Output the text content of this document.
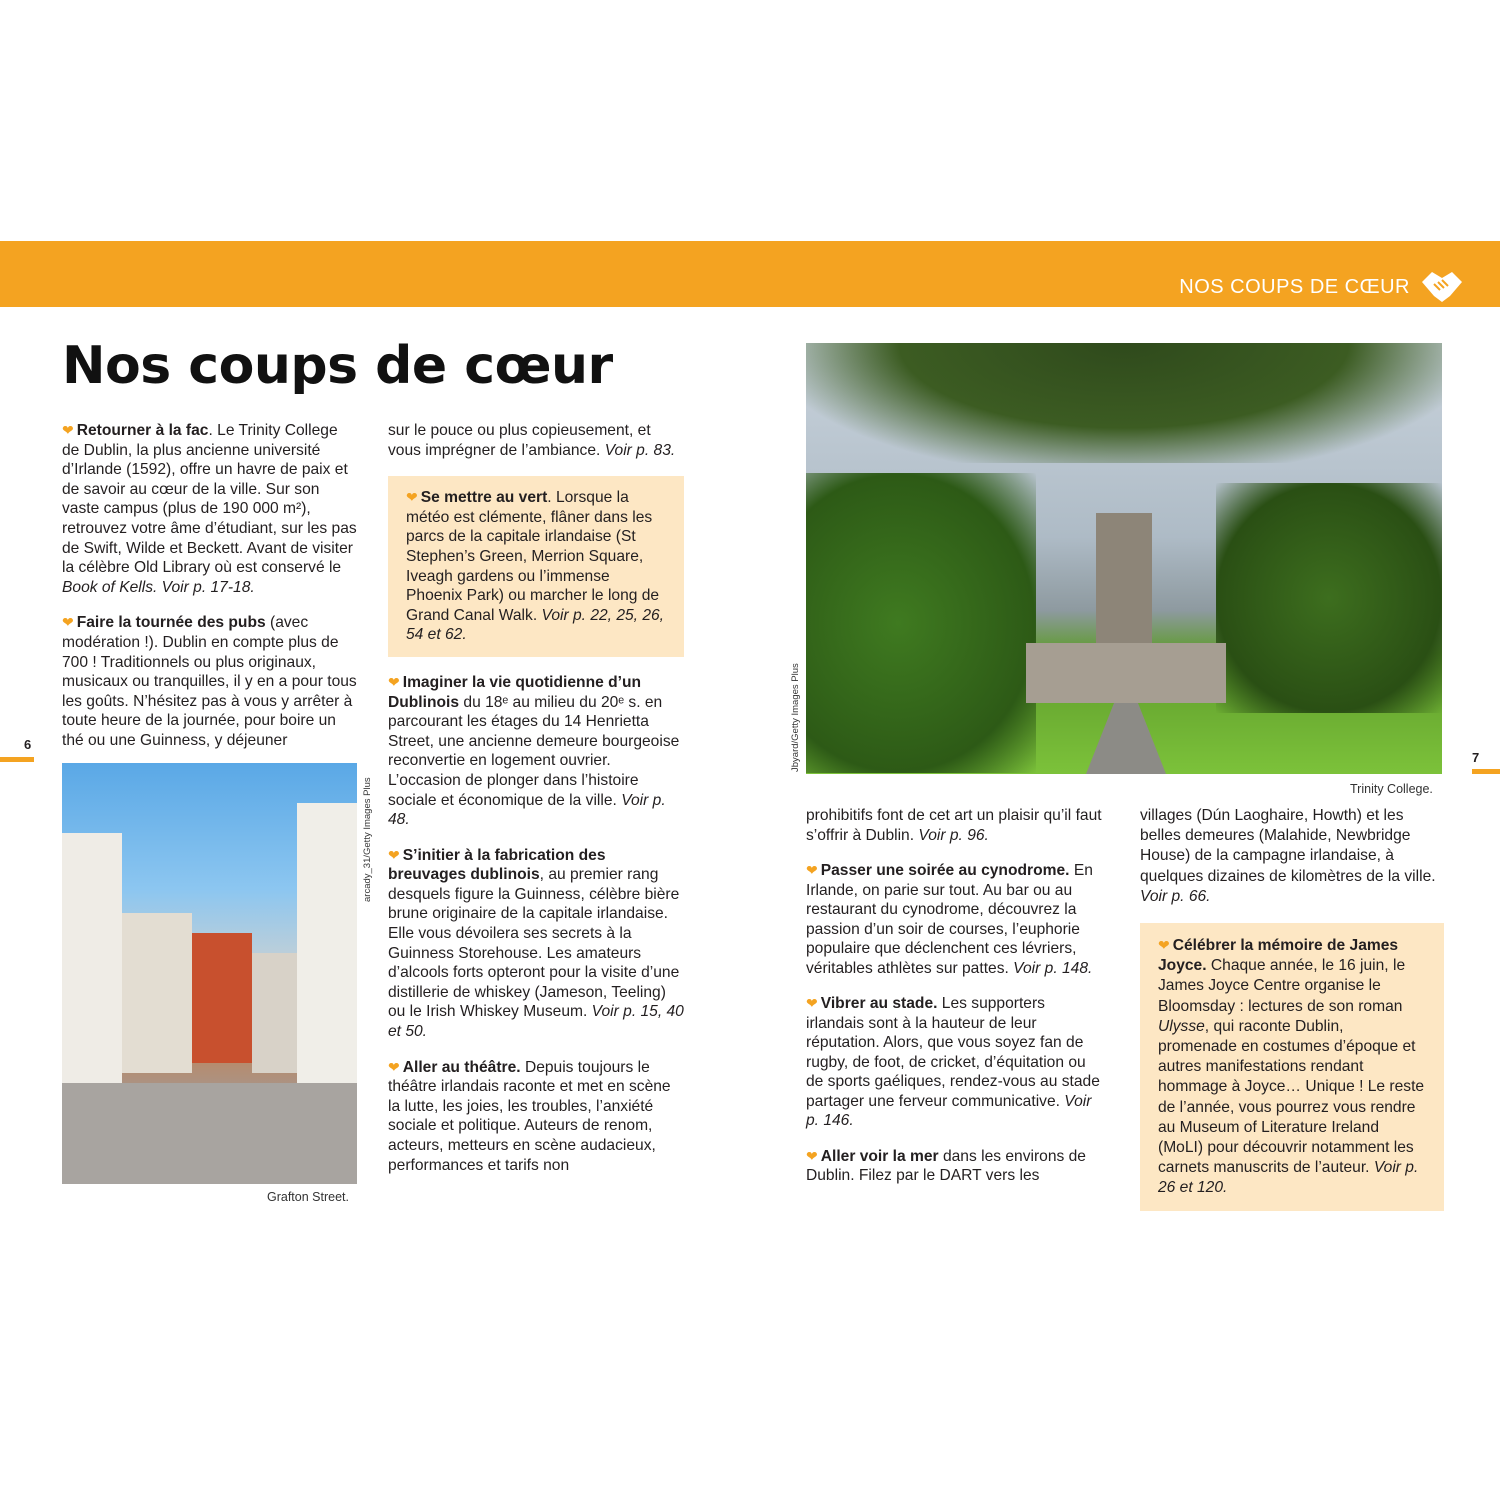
NOS COUPS DE CŒUR
Nos coups de cœur
6
7

❤ Retourner à la fac. Le Trinity College de Dublin, la plus ancienne université d’Irlande (1592), offre un havre de paix et de savoir au cœur de la ville. Sur son vaste campus (plus de 190 000 m²), retrouvez votre âme d’étudiant, sur les pas de Swift, Wilde et Beckett. Avant de visiter la célèbre Old Library où est conservé le Book of Kells. Voir p. 17-18.

❤ Faire la tournée des pubs (avec modération !). Dublin en compte plus de 700 ! Traditionnels ou plus originaux, musicaux ou tranquilles, il y en a pour tous les goûts. N’hésitez pas à vous y arrêter à toute heure de la journée, pour boire un thé ou une Guinness, y déjeuner

arcady_31/Getty Images Plus
Grafton Street.

sur le pouce ou plus copieusement, et vous imprégner de l’ambiance. Voir p. 83.

❤ Se mettre au vert. Lorsque la météo est clémente, flâner dans les parcs de la capitale irlandaise (St Stephen’s Green, Merrion Square, Iveagh gardens ou l’immense Phoenix Park) ou marcher le long de Grand Canal Walk. Voir p. 22, 25, 26, 54 et 62.

❤ Imaginer la vie quotidienne d’un Dublinois du 18ᵉ au milieu du 20ᵉ s. en parcourant les étages du 14 Henrietta Street, une ancienne demeure bourgeoise reconvertie en logement ouvrier. L’occasion de plonger dans l’histoire sociale et économique de la ville. Voir p. 48.

❤ S’initier à la fabrication des breuvages dublinois, au premier rang desquels figure la Guinness, célèbre bière brune originaire de la capitale irlandaise. Elle vous dévoilera ses secrets à la Guinness Storehouse. Les amateurs d’alcools forts opteront pour la visite d’une distillerie de whiskey (Jameson, Teeling) ou le Irish Whiskey Museum. Voir p. 15, 40 et 50.

❤ Aller au théâtre. Depuis toujours le théâtre irlandais raconte et met en scène la lutte, les joies, les troubles, l’anxiété sociale et politique. Auteurs de renom, acteurs, metteurs en scène audacieux, performances et tarifs non

Jbyard/Getty Images Plus
Trinity College.

prohibitifs font de cet art un plaisir qu’il faut s’offrir à Dublin. Voir p. 96.

❤ Passer une soirée au cynodrome. En Irlande, on parie sur tout. Au bar ou au restaurant du cynodrome, découvrez la passion d’un soir de courses, l’euphorie populaire que déclenchent ces lévriers, véritables athlètes sur pattes. Voir p. 148.

❤ Vibrer au stade. Les supporters irlandais sont à la hauteur de leur réputation. Alors, que vous soyez fan de rugby, de foot, de cricket, d’équitation ou de sports gaéliques, rendez-vous au stade partager une ferveur communicative. Voir p. 146.

❤ Aller voir la mer dans les environs de Dublin. Filez par le DART vers les

villages (Dún Laoghaire, Howth) et les belles demeures (Malahide, Newbridge House) de la campagne irlandaise, à quelques dizaines de kilomètres de la ville. Voir p. 66.

❤ Célébrer la mémoire de James Joyce. Chaque année, le 16 juin, le James Joyce Centre organise le Bloomsday : lectures de son roman Ulysse, qui raconte Dublin, promenade en costumes d’époque et autres manifestations rendant hommage à Joyce… Unique ! Le reste de l’année, vous pourrez vous rendre au Museum of Literature Ireland (MoLI) pour découvrir notamment les carnets manuscrits de l’auteur. Voir p. 26 et 120.
